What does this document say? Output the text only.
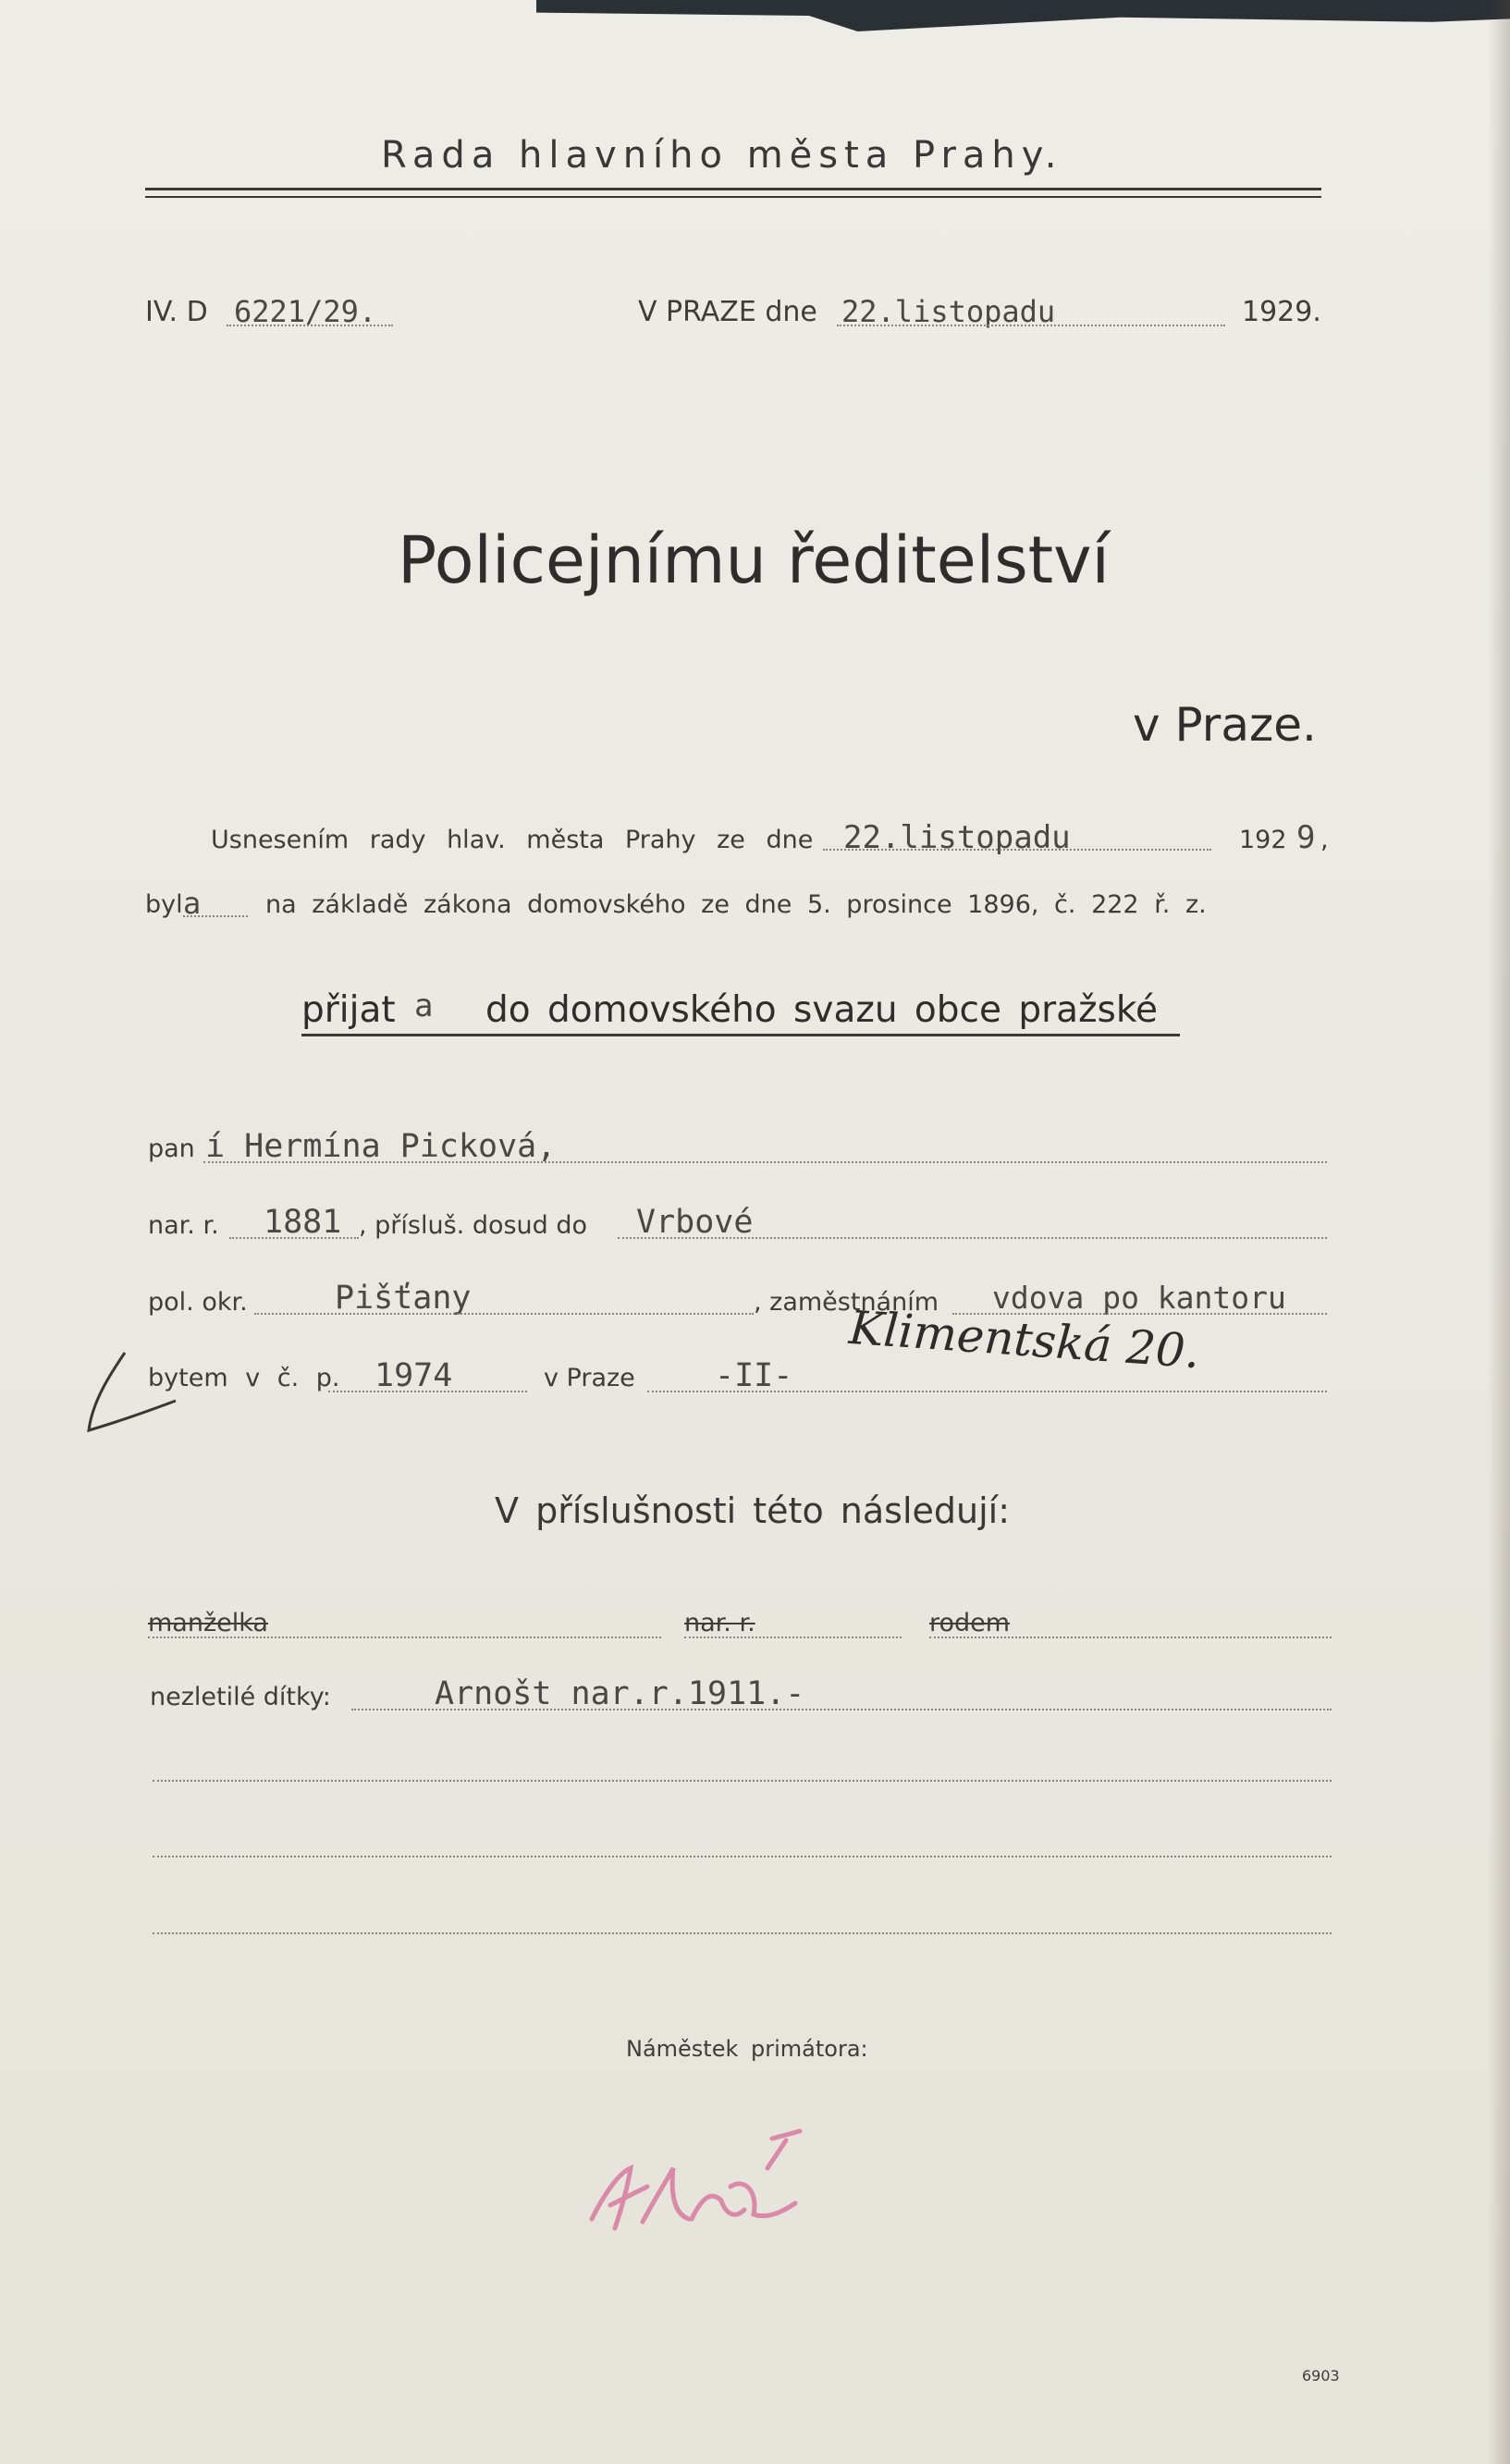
Rada hlavního města Prahy.
IV. D 6221/29.	V PRAZE dne 22.listopadu	1929.
Policejnímu ředitelství
v Praze.
Usnesením rady hlav. města Prahy ze dne 22.listopadu	192 9 ,
byl a	na základě zákona domovského ze dne 5. prosince 1896, č. 222 ř. z.
přijat a do domovského svazu obce pražské
pan í Hermína Picková,
nar. r. 1881 , přísluš. dosud do Vrbové
pol. okr.	Pišťany	, zaměstnáním vdova po kantoru
bytem v č. p. 1974	v Praze -II- Klimentská 20.
V příslušnosti této následují:
manželka	nar. r.	rodem
nezletilé dítky:	Arnošt nar.r.1911.-
Náměstek primátora:
6903
